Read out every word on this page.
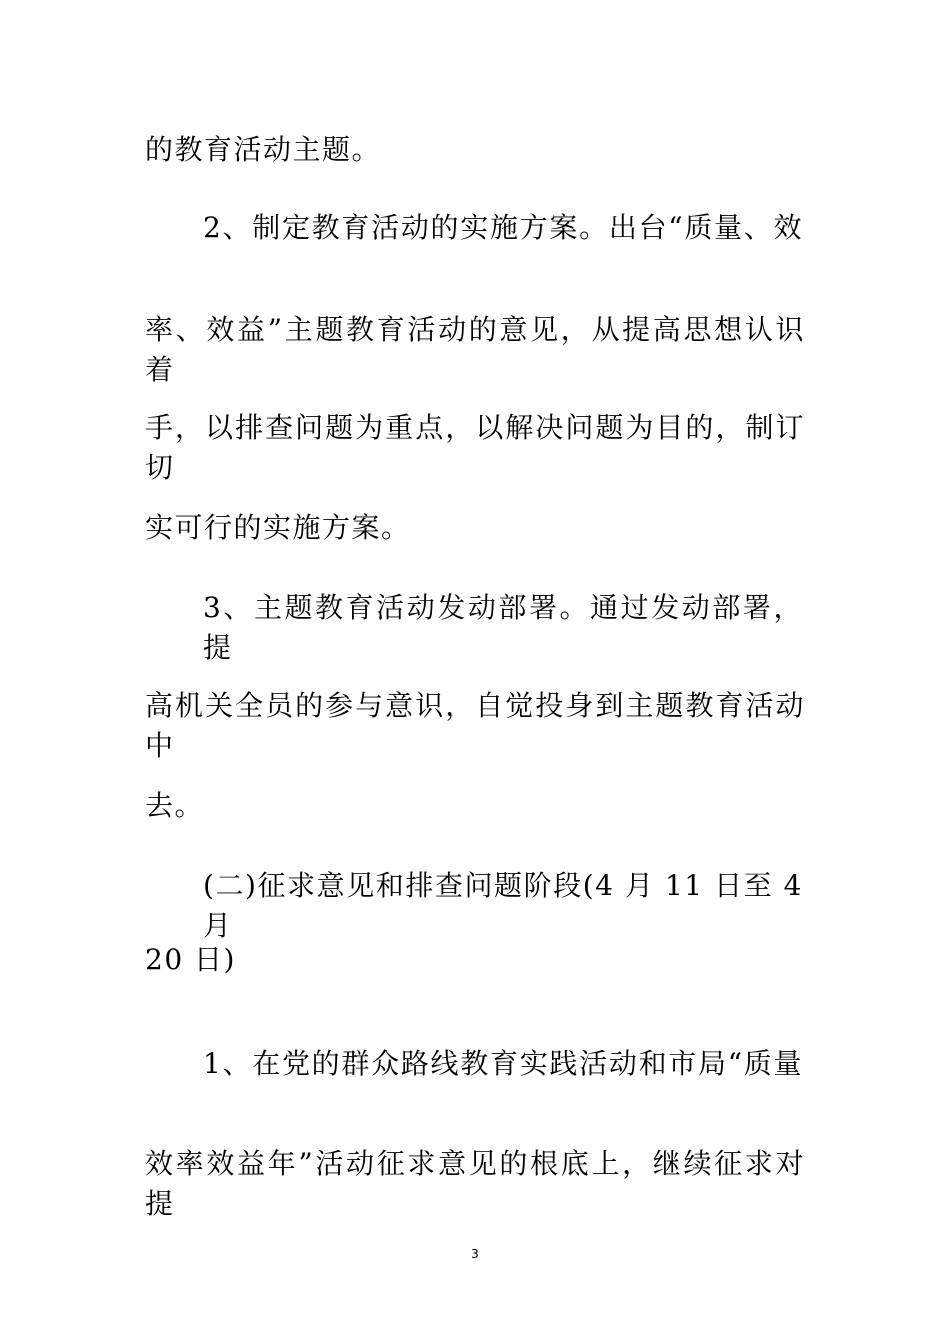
的教育活动主题。
2、制定教育活动的实施方案。出台“质量、效
率、效益”主题教育活动的意见，从提高思想认识着
手，以排查问题为重点，以解决问题为目的，制订切
实可行的实施方案。
3、主题教育活动发动部署。通过发动部署，提
高机关全员的参与意识，自觉投身到主题教育活动中
去。
(二)征求意见和排查问题阶段(4 月 11 日至 4 月
20 日)
1、在党的群众路线教育实践活动和市局“质量
效率效益年”活动征求意见的根底上，继续征求对提
3
